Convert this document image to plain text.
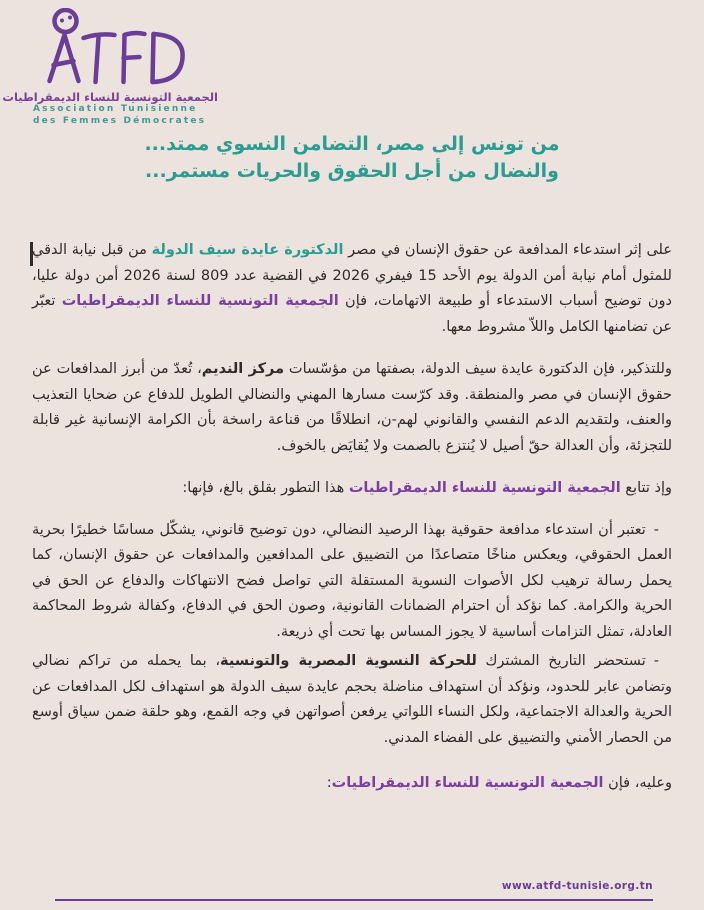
الجمعية التونسية للنساء الديمقراطيات
Association Tunisienne
des Femmes Démocrates
من تونس إلى مصر، التضامن النسوي ممتد...
والنضال من أجل الحقوق والحريات مستمر...

على إثر استدعاء المدافعة عن حقوق الإنسان في مصر الدكتورة عايدة سيف الدولة من قبل نيابة الدقي للمثول أمام نيابة أمن الدولة يوم الأحد 15 فيفري 2026 في القضية عدد 809 لسنة 2026 أمن دولة عليا، دون توضيح أسباب الاستدعاء أو طبيعة الاتهامات، فإن الجمعية التونسية للنساء الديمقراطيات تعبّر عن تضامنها الكامل واللاّ مشروط معها.

وللتذكير، فإن الدكتورة عايدة سيف الدولة، بصفتها من مؤسّسات مركز النديم، تُعدّ من أبرز المدافعات عن حقوق الإنسان في مصر والمنطقة. وقد كرّست مسارها المهني والنضالي الطويل للدفاع عن ضحايا التعذيب والعنف، ولتقديم الدعم النفسي والقانوني لهم-ن، انطلاقًا من قناعة راسخة بأن الكرامة الإنسانية غير قابلة للتجزئة، وأن العدالة حقّ أصيل لا يُنتزع بالصمت ولا يُقايَض بالخوف.

وإذ تتابع الجمعية التونسية للنساء الديمقراطيات هذا التطور بقلق بالغ، فإنها:

-تعتبر أن استدعاء مدافعة حقوقية بهذا الرصيد النضالي، دون توضيح قانوني، يشكّل مساسًا خطيرًا بحرية العمل الحقوقي، ويعكس مناخًا متصاعدًا من التضييق على المدافعين والمدافعات عن حقوق الإنسان، كما يحمل رسالة ترهيب لكل الأصوات النسوية المستقلة التي تواصل فضح الانتهاكات والدفاع عن الحق في الحرية والكرامة. كما نؤكد أن احترام الضمانات القانونية، وصون الحق في الدفاع، وكفالة شروط المحاكمة العادلة، تمثل التزامات أساسية لا يجوز المساس بها تحت أي ذريعة.
-تستحضر التاريخ المشترك للحركة النسوية المصرية والتونسية، بما يحمله من تراكم نضالي وتضامن عابر للحدود، ونؤكد أن استهداف مناضلة بحجم عايدة سيف الدولة هو استهداف لكل المدافعات عن الحرية والعدالة الاجتماعية، ولكل النساء اللواتي يرفعن أصواتهن في وجه القمع، وهو حلقة ضمن سياق أوسع من الحصار الأمني والتضييق على الفضاء المدني.

وعليه، فإن الجمعية التونسية للنساء الديمقراطيات:

www.atfd-tunisie.org.tn
